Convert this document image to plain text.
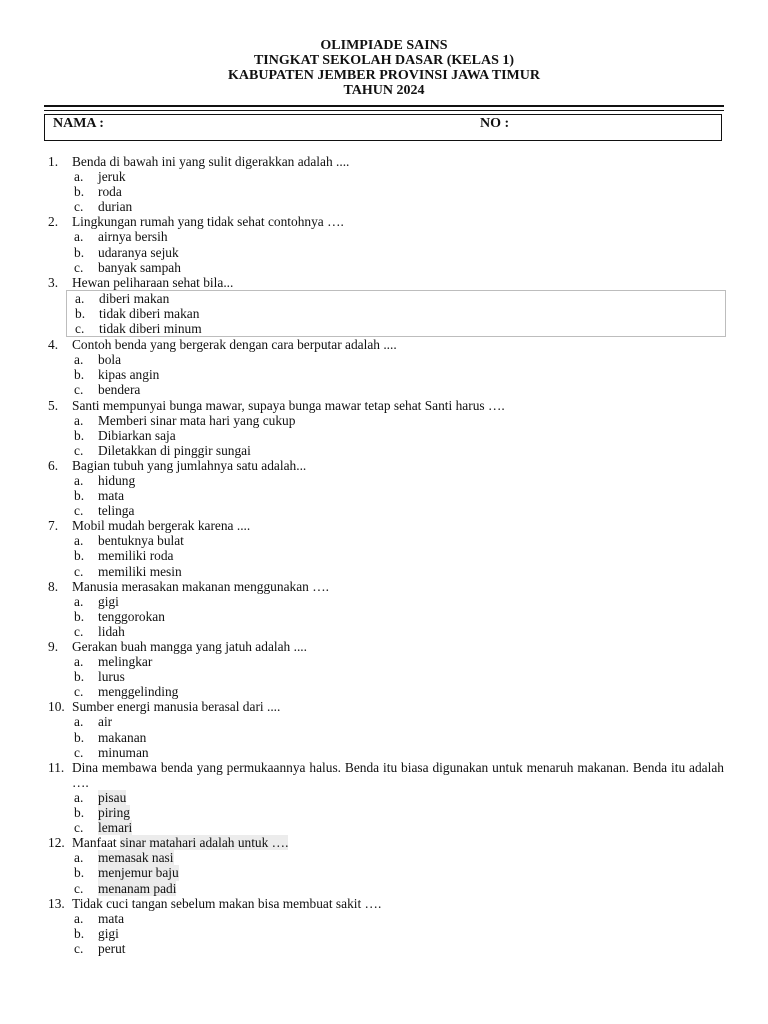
OLIMPIADE SAINS
TINGKAT SEKOLAH DASAR (KELAS 1)
KABUPATEN JEMBER PROVINSI JAWA TIMUR
TAHUN 2024
NAMA :	NO :
1.	Benda di bawah ini yang sulit digerakkan adalah ....
a.	jeruk
b.	roda
c.	durian
2.	Lingkungan rumah yang tidak sehat contohnya ….
a.	airnya bersih
b.	udaranya sejuk
c.	banyak sampah
3.	Hewan peliharaan sehat bila...
a.	diberi makan
b.	tidak diberi makan
c.	tidak diberi minum
4.	Contoh benda yang bergerak dengan cara berputar adalah ....
a.	bola
b.	kipas angin
c.	bendera
5.	Santi mempunyai bunga mawar, supaya bunga mawar tetap sehat Santi harus ….
a.	Memberi sinar mata hari yang cukup
b.	Dibiarkan saja
c.	Diletakkan di pinggir sungai
6.	Bagian tubuh yang jumlahnya satu adalah...
a.	hidung
b.	mata
c.	telinga
7.	Mobil mudah bergerak karena ....
a.	bentuknya bulat
b.	memiliki roda
c.	memiliki mesin
8.	Manusia merasakan makanan menggunakan ….
a.	gigi
b.	tenggorokan
c.	lidah
9.	Gerakan buah mangga yang jatuh adalah ....
a.	melingkar
b.	lurus
c.	menggelinding
10. Sumber energi manusia berasal dari ....
a.	air
b.	makanan
c.	minuman
11. Dina membawa benda yang permukaannya halus. Benda itu biasa digunakan untuk menaruh makanan. Benda itu adalah ….
a.	pisau
b.	piring
c.	lemari
12. Manfaat sinar matahari adalah untuk ….
a.	memasak nasi
b.	menjemur baju
c.	menanam padi
13. Tidak cuci tangan sebelum makan bisa membuat sakit ….
a.	mata
b.	gigi
c.	perut
